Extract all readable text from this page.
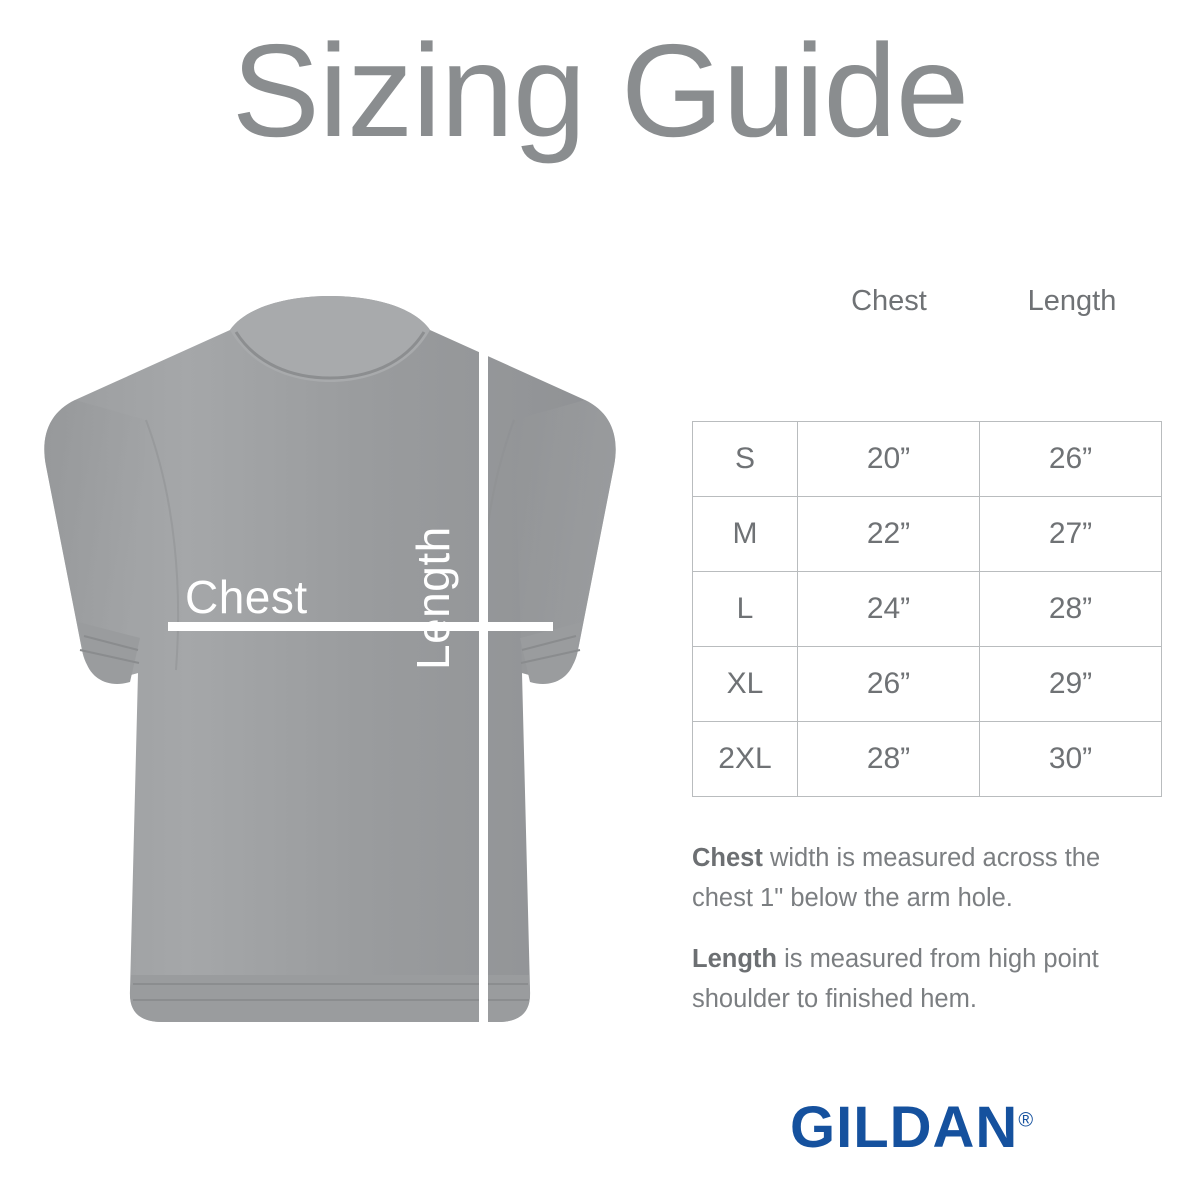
Sizing Guide
Chest Length
Chest	Length
S	20”	26”
M	22”	27”
L	24”	28”
XL	26”	29”
2XL	28”	30”

Chest width is measured across the chest 1" below the arm hole.

Length is measured from high point shoulder to finished hem.

GILDAN®
